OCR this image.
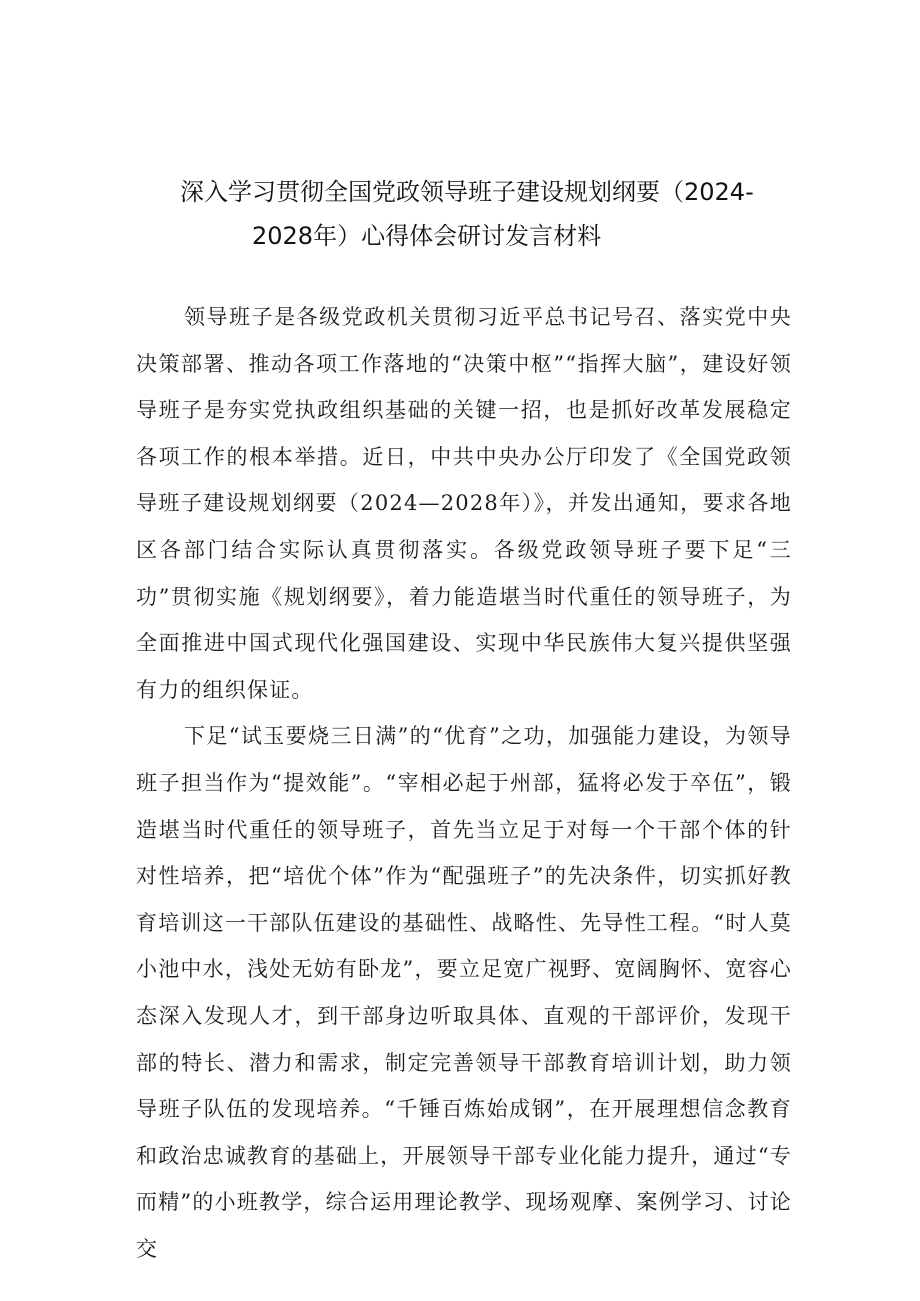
深入学习贯彻全国党政领导班子建设规划纲要（2024-
2028年）心得体会研讨发言材料

领导班子是各级党政机关贯彻习近平总书记号召、落实党中央决策部署、推动各项工作落地的“决策中枢”“指挥大脑”，建设好领导班子是夯实党执政组织基础的关键一招，也是抓好改革发展稳定各项工作的根本举措。近日，中共中央办公厅印发了《全国党政领导班子建设规划纲要（2024—2028年）》，并发出通知，要求各地区各部门结合实际认真贯彻落实。各级党政领导班子要下足“三功”贯彻实施《规划纲要》，着力能造堪当时代重任的领导班子，为全面推进中国式现代化强国建设、实现中华民族伟大复兴提供坚强有力的组织保证。

下足“试玉要烧三日满”的“优育”之功，加强能力建设，为领导班子担当作为“提效能”。“宰相必起于州部，猛将必发于卒伍”，锻造堪当时代重任的领导班子，首先当立足于对每一个干部个体的针对性培养，把“培优个体”作为“配强班子”的先决条件，切实抓好教育培训这一干部队伍建设的基础性、战略性、先导性工程。“时人莫小池中水，浅处无妨有卧龙”，要立足宽广视野、宽阔胸怀、宽容心态深入发现人才，到干部身边听取具体、直观的干部评价，发现干部的特长、潜力和需求，制定完善领导干部教育培训计划，助力领导班子队伍的发现培养。“千锤百炼始成钢”，在开展理想信念教育和政治忠诚教育的基础上，开展领导干部专业化能力提升，通过“专而精”的小班教学，综合运用理论教学、现场观摩、案例学习、讨论交
